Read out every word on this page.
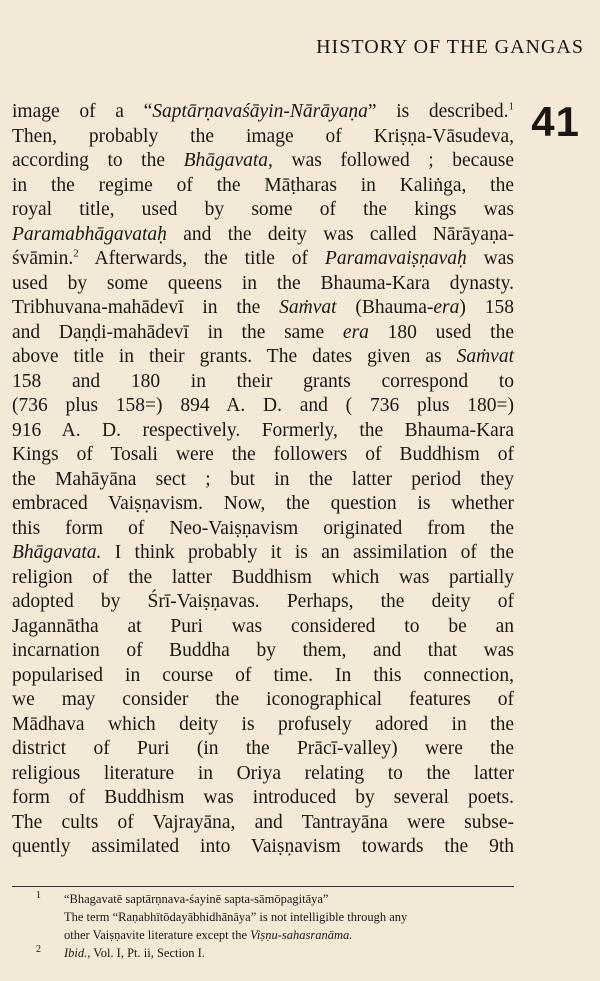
HISTORY OF THE GANGAS
41
image of a “Saptārṇavaśāyin-Nārāyaṇa” is described.$^1$
Then, probably the image of Kriṣṇa-Vāsudeva,
according to the Bhāgavata, was followed ; because
in the regime of the Māṭharas in Kaliṅga, the
royal title, used by some of the kings was
Paramabhāgavataḥ and the deity was called Nārāyaṇa-
śvāmin.$^2$ Afterwards, the title of Paramavaiṣṇavaḥ was
used by some queens in the Bhauma-Kara dynasty.
Tribhuvana-mahādevī in the Saṁvat (Bhauma-era) 158
and Daṇḍi-mahādevī in the same era 180 used the
above title in their grants. The dates given as Saṁvat
158 and 180 in their grants correspond to
(736 plus 158=) 894 A. D. and ( 736 plus 180=)
916 A. D. respectively. Formerly, the Bhauma-Kara
Kings of Tosali were the followers of Buddhism of
the Mahāyāna sect ; but in the latter period they
embraced Vaiṣṇavism. Now, the question is whether
this form of Neo-Vaiṣṇavism originated from the
Bhāgavata. I think probably it is an assimilation of the
religion of the latter Buddhism which was partially
adopted by Śrī-Vaiṣṇavas. Perhaps, the deity of
Jagannātha at Puri was considered to be an
incarnation of Buddha by them, and that was
popularised in course of time. In this connection,
we may consider the iconographical features of
Mādhava which deity is profusely adored in the
district of Puri (in the Prācī-valley) were the
religious literature in Oriya relating to the latter
form of Buddhism was introduced by several poets.
The cults of Vajrayāna, and Tantrayāna were subse-
quently assimilated into Vaiṣṇavism towards the 9th
1 “Bhagavatē saptārṇnava-śayinē sapta-sāmōpagitāya”
The term “Raṇabhītōdayābhidhānāya” is not intelligible through any
other Vaiṣṇavite literature except the Viṣṇu-sahasranāma.
2 Ibid., Vol. I, Pt. ii, Section I.
